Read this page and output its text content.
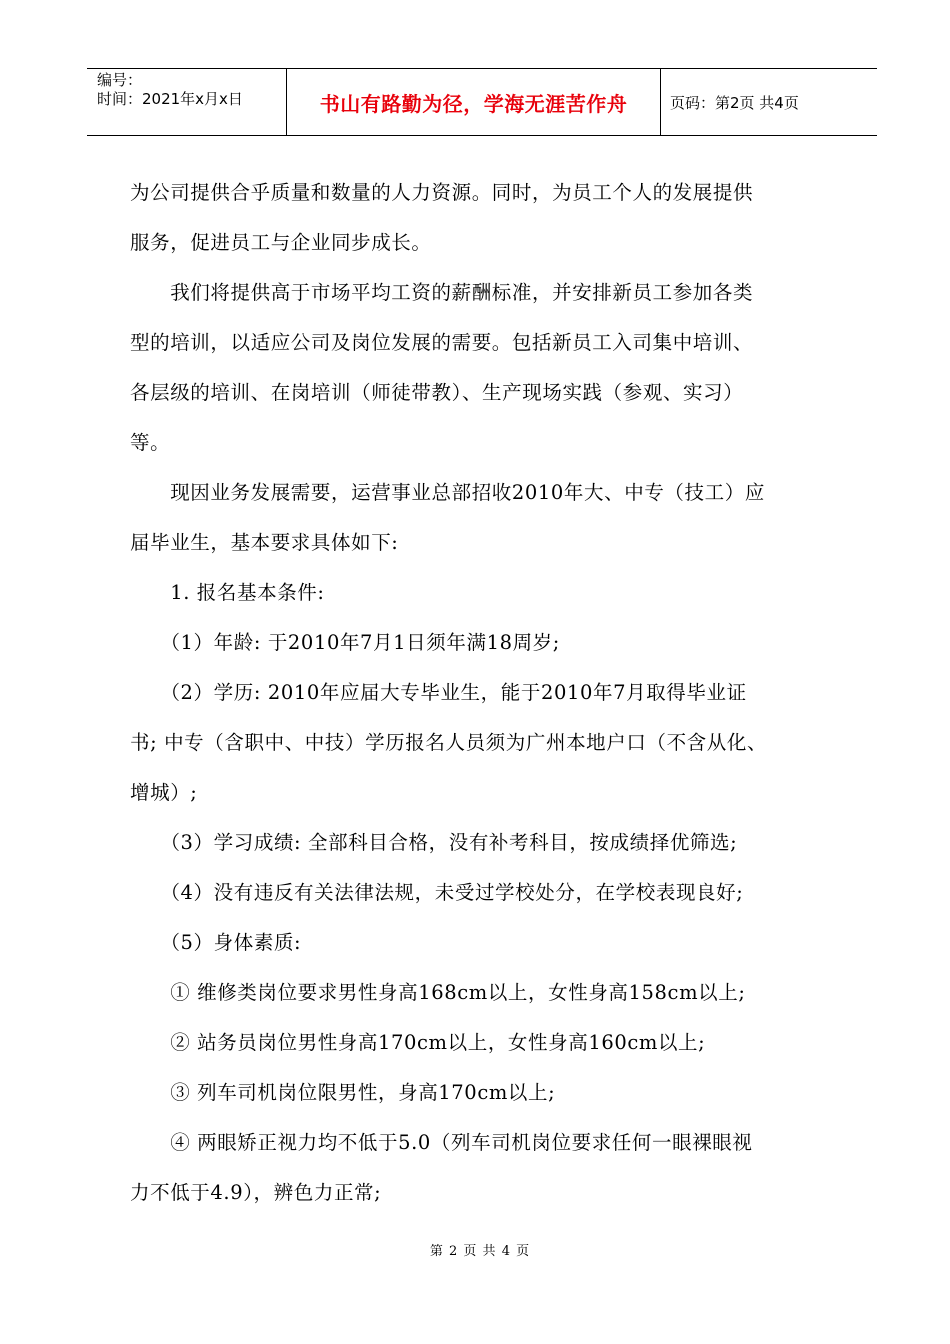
编号：
时间：2021年x月x日	书山有路勤为径，学海无涯苦作舟	页码：第2页 共4页

为公司提供合乎质量和数量的人力资源。同时，为员工个人的发展提供

服务，促进员工与企业同步成长。

　　我们将提供高于市场平均工资的薪酬标准，并安排新员工参加各类

型的培训，以适应公司及岗位发展的需要。包括新员工入司集中培训、

各层级的培训、在岗培训（师徒带教）、生产现场实践（参观、实习）

等。

　　现因业务发展需要，运营事业总部招收2010年大、中专（技工）应

届毕业生，基本要求具体如下:

　　1. 报名基本条件:

　　（1）年龄: 于2010年7月1日须年满18周岁;

　　（2）学历: 2010年应届大专毕业生，能于2010年7月取得毕业证

书; 中专（含职中、中技）学历报名人员须为广州本地户口（不含从化、

增城）;

　　（3）学习成绩: 全部科目合格，没有补考科目，按成绩择优筛选;

　　（4）没有违反有关法律法规，未受过学校处分，在学校表现良好;

　　（5）身体素质:

　　① 维修类岗位要求男性身高168cm以上，女性身高158cm以上;

　　② 站务员岗位男性身高170cm以上，女性身高160cm以上;

　　③ 列车司机岗位限男性，身高170cm以上;

　　④ 两眼矫正视力均不低于5.0（列车司机岗位要求任何一眼裸眼视

力不低于4.9），辨色力正常;

第 2 页 共 4 页
